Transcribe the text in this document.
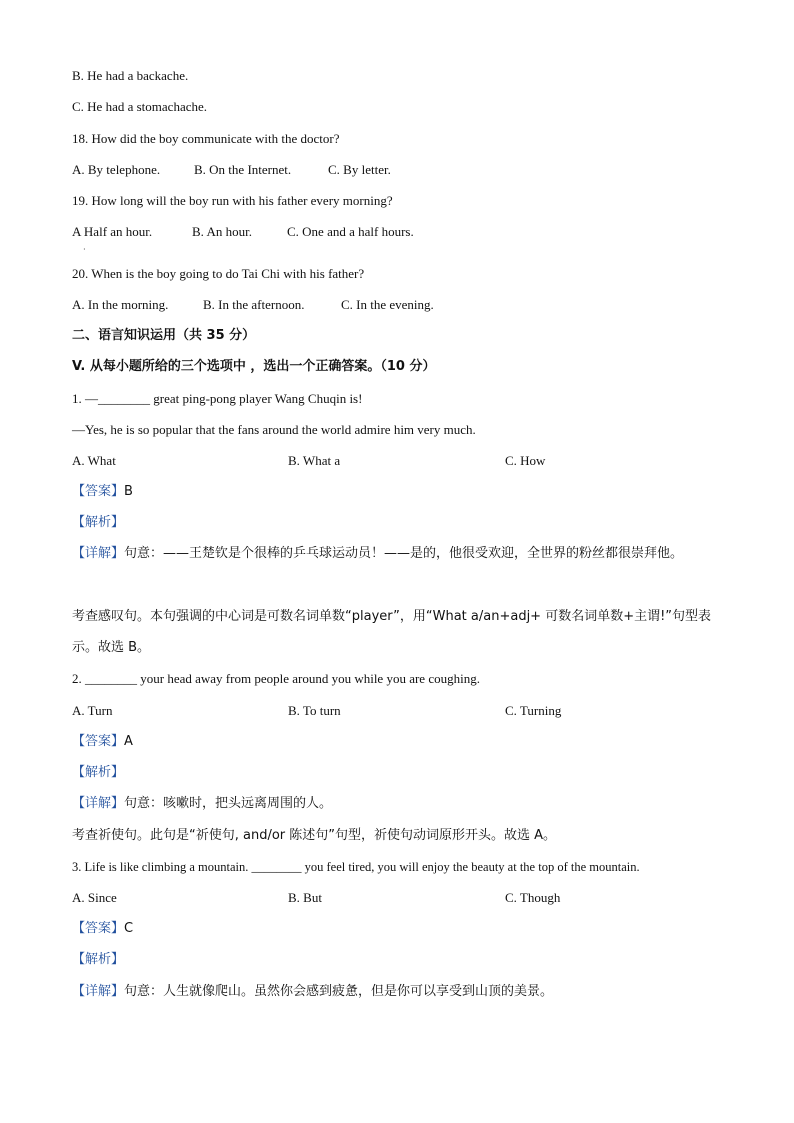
B. He had a backache.
C. He had a stomachache.
18. How did the boy communicate with the doctor?
A. By telephone.	B. On the Internet.	C. By letter.
19. How long will the boy run with his father every morning?
A Half an hour.	B. An hour.	C. One and a half hours.
·
20. When is the boy going to do Tai Chi with his father?
A. In the morning.	B. In the afternoon.	C. In the evening.
二、语言知识运用（共 35 分）
V. 从每小题所给的三个选项中 ，选出一个正确答案。（10 分）
1. —________ great ping-pong player Wang Chuqin is!
—Yes, he is so popular that the fans around the world admire him very much.
A. What	B. What a	C. How
【答案】B
【解析】
【详解】句意：——王楚钦是个很棒的乒乓球运动员！——是的，他很受欢迎，全世界的粉丝都很崇拜他。
考查感叹句。本句强调的中心词是可数名词单数“player”，用“What a/an+adj+ 可数名词单数+主谓!”句型表示。故选 B。
2. ________ your head away from people around you while you are coughing.
A. Turn	B. To turn	C. Turning
【答案】A
【解析】
【详解】句意：咳嗽时，把头远离周围的人。
考查祈使句。此句是“祈使句, and/or 陈述句”句型，祈使句动词原形开头。故选 A。
3. Life is like climbing a mountain. ________ you feel tired, you will enjoy the beauty at the top of the mountain.
A. Since	B. But	C. Though
【答案】C
【解析】
【详解】句意：人生就像爬山。虽然你会感到疲惫，但是你可以享受到山顶的美景。
